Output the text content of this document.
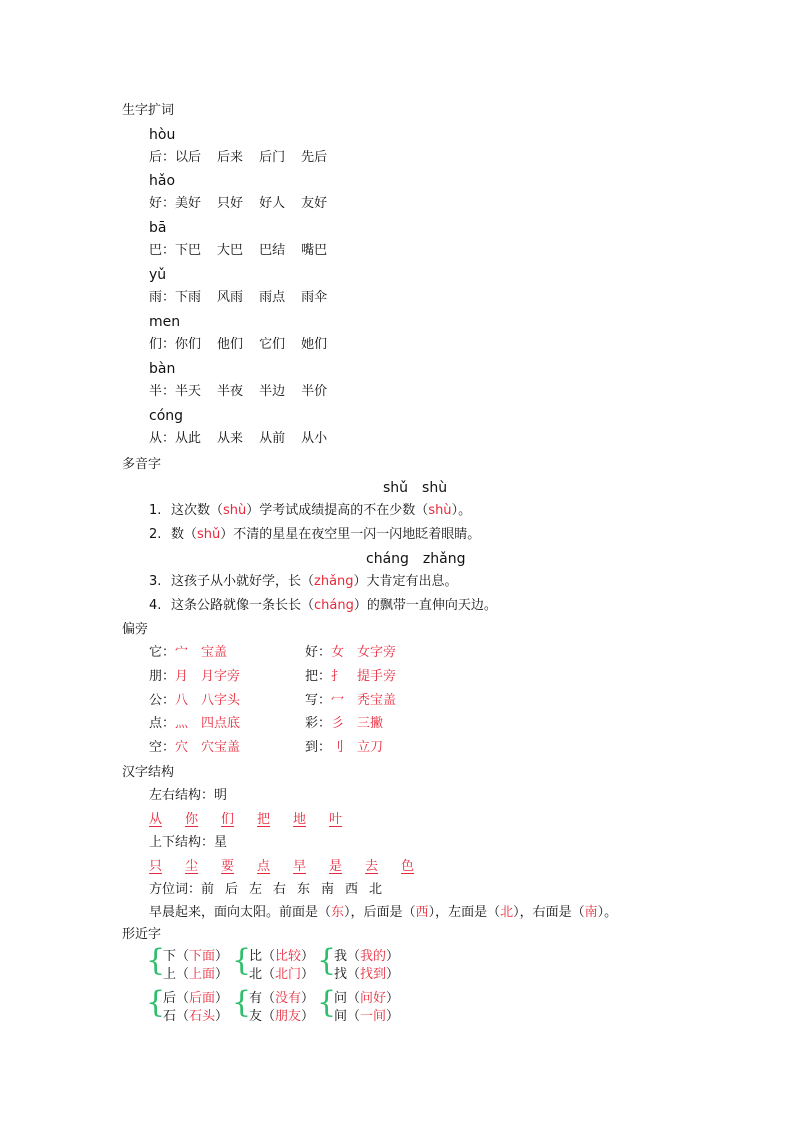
生字扩词
hòu
后：以后 后来 后门 先后
hǎo
好：美好 只好 好人 友好
bā
巴：下巴 大巴 巴结 嘴巴
yǔ
雨：下雨 风雨 雨点 雨伞
men
们：你们 他们 它们 她们
bàn
半：半天 半夜 半边 半价
cóng
从：从此 从来 从前 从小
多音字
shǔ shù
1. 这次数（shù）学考试成绩提高的不在少数（shù）。
2. 数（shǔ）不清的星星在夜空里一闪一闪地眨着眼睛。
cháng zhǎng
3. 这孩子从小就好学，长（zhǎng）大肯定有出息。
4. 这条公路就像一条长长（cháng）的飘带一直伸向天边。
偏旁
它：宀 宝盖
朋：月 月字旁
公：八 八字头
点：灬 四点底
空：穴 穴宝盖
好：女 女字旁
把：扌 提手旁
写：冖 秃宝盖
彩：彡 三撇
到：刂 立刀
汉字结构
左右结构：明
从 你 们 把 地 叶
上下结构：星
只 尘 要 点 早 是 去 色
方位词：前 后 左 右 东 南 西 北
早晨起来，面向太阳。前面是（东），后面是（西），左面是（北），右面是（南）。
形近字
{
下（下面）
上（上面） {
比（比较）
北（北门） {
我（我的）
找（找到）
{
后（后面）
石（石头） {
有（没有）
友（朋友） {
问（问好）
间（一间）
